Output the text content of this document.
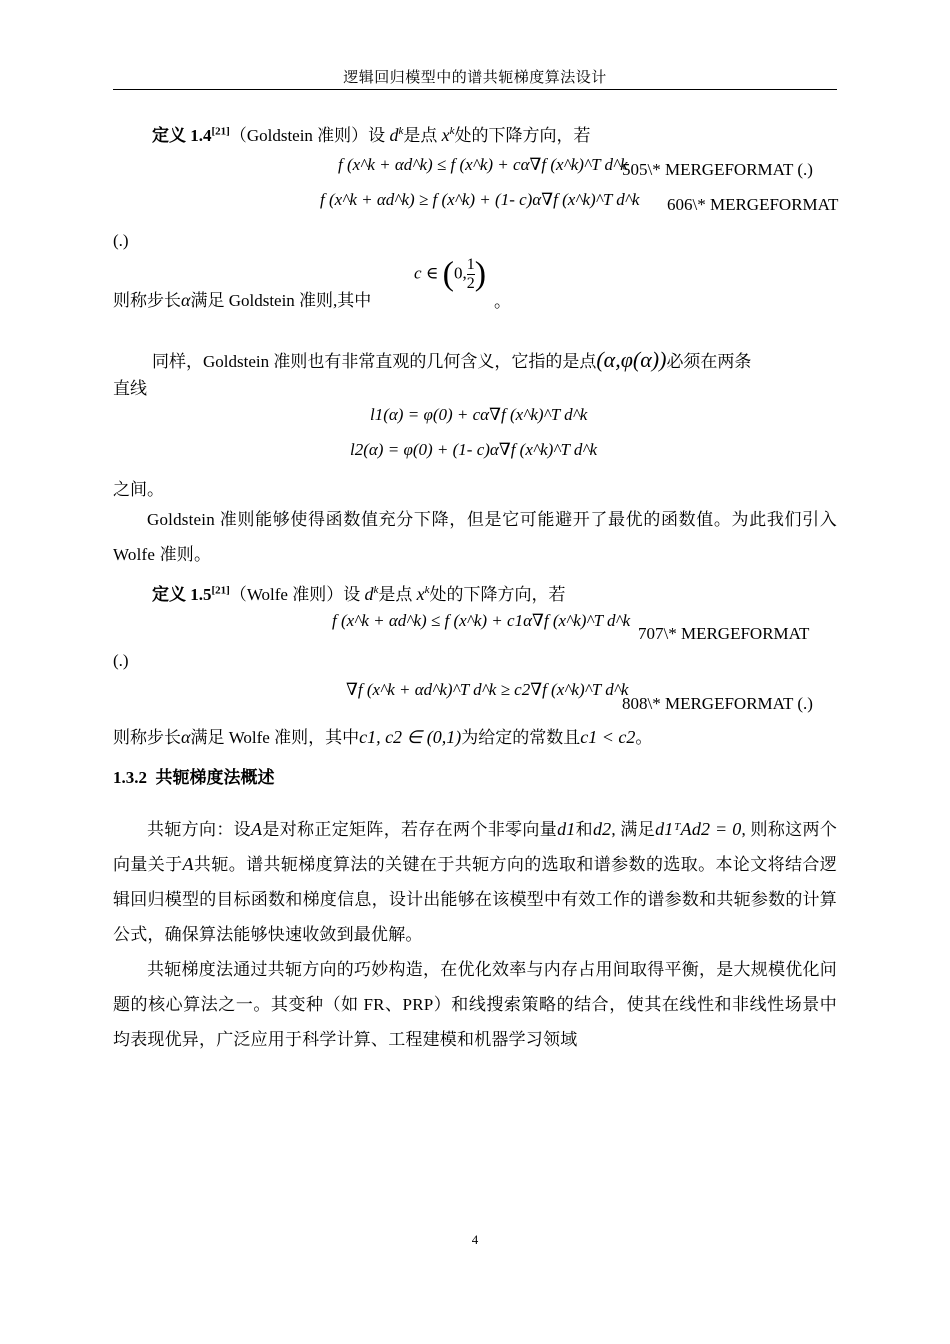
逻辑回归模型中的谱共轭梯度算法设计
定义 1.4[21]（Goldstein 准则）设 $d^k$是点 $x^k$处的下降方向，若
f (x^k + αd^k) ≤ f (x^k) + cα∇f (x^k)^T d^k
505\* MERGEFORMAT (.)
f (x^k + αd^k) ≥ f (x^k) + (1- c)α∇f (x^k)^T d^k 606\* MERGEFORMAT
(.)
则称步长α满足 Goldstein 准则,其中
c ∈ (0, $\frac{1}{2}$ )
。
同样，Goldstein 准则也有非常直观的几何含义，它指的是点(α,φ(α))必须在两条
直线
l1(α) = φ(0) + cα∇f (x^k)^T d^k
l2(α) = φ(0) + (1- c)α∇f (x^k)^T d^k
之间。
Goldstein 准则能够使得函数值充分下降，但是它可能避开了最优的函数值。为此我们引入 Wolfe 准则。
定义 1.5[21]（Wolfe 准则）设 $d^k$是点 $x^k$处的下降方向，若
f (x^k + αd^k) ≤ f (x^k) + c1α∇f (x^k)^T d^k
707\* MERGEFORMAT
(.)
∇f (x^k + αd^k)^T d^k ≥ c2∇f (x^k)^T d^k
808\* MERGEFORMAT (.)
则称步长α满足 Wolfe 准则，其中c1, c2 ∈ (0,1)为给定的常数且c1 < c2。
1.3.2 共轭梯度法概述
共轭方向：设A是对称正定矩阵，若存在两个非零向量d1和d2, 满足d1ᵀAd2 = 0, 则称这两个向量关于A共轭。谱共轭梯度算法的关键在于共轭方向的选取和谱参数的选取。本论文将结合逻辑回归模型的目标函数和梯度信息，设计出能够在该模型中有效工作的谱参数和共轭参数的计算公式，确保算法能够快速收敛到最优解。
共轭梯度法通过共轭方向的巧妙构造，在优化效率与内存占用间取得平衡，是大规模优化问题的核心算法之一。其变种（如 FR、PRP）和线搜索策略的结合，使其在线性和非线性场景中均表现优异，广泛应用于科学计算、工程建模和机器学习领域
4
